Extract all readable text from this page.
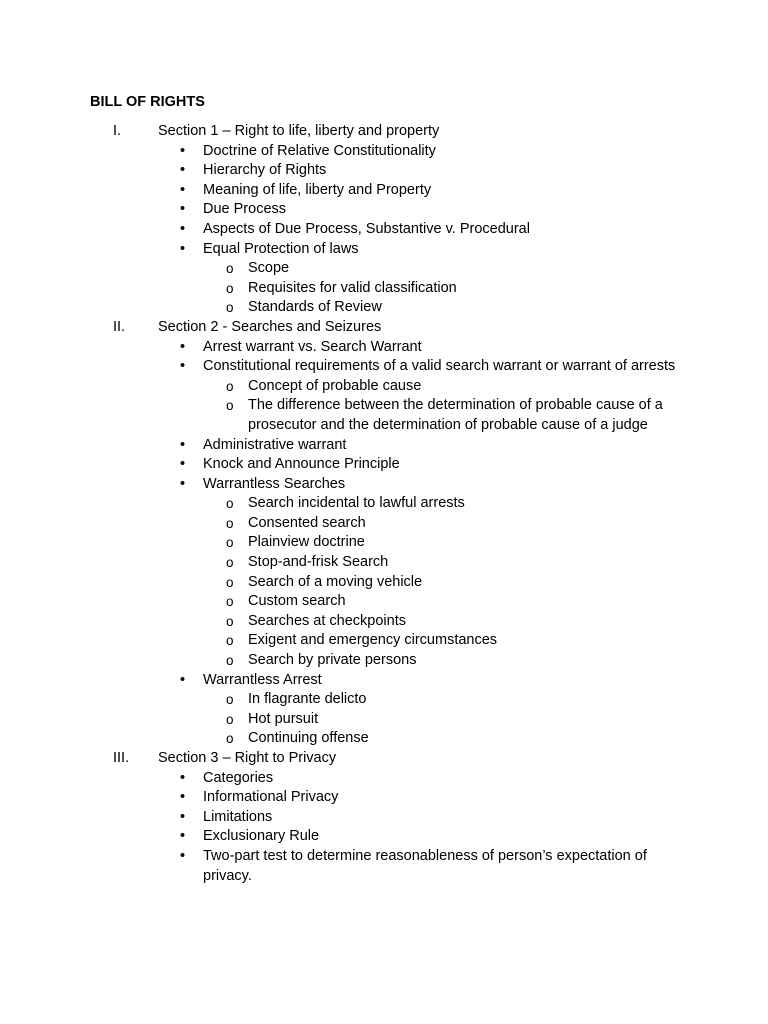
BILL OF RIGHTS
I.	Section 1 – Right to life, liberty and property
• Doctrine of Relative Constitutionality
• Hierarchy of Rights
• Meaning of life, liberty and Property
• Due Process
• Aspects of Due Process, Substantive v. Procedural
• Equal Protection of laws
o Scope
o Requisites for valid classification
o Standards of Review
II. Section 2 - Searches and Seizures
• Arrest warrant vs. Search Warrant
• Constitutional requirements of a valid search warrant or warrant of arrests
o Concept of probable cause
o The difference between the determination of probable cause of a prosecutor and the determination of probable cause of a judge
• Administrative warrant
• Knock and Announce Principle
• Warrantless Searches
o Search incidental to lawful arrests
o Consented search
o Plainview doctrine
o Stop-and-frisk Search
o Search of a moving vehicle
o Custom search
o Searches at checkpoints
o Exigent and emergency circumstances
o Search by private persons
• Warrantless Arrest
o In flagrante delicto
o Hot pursuit
o Continuing offense
III. Section 3 – Right to Privacy
• Categories
• Informational Privacy
• Limitations
• Exclusionary Rule
• Two-part test to determine reasonableness of person’s expectation of privacy.
